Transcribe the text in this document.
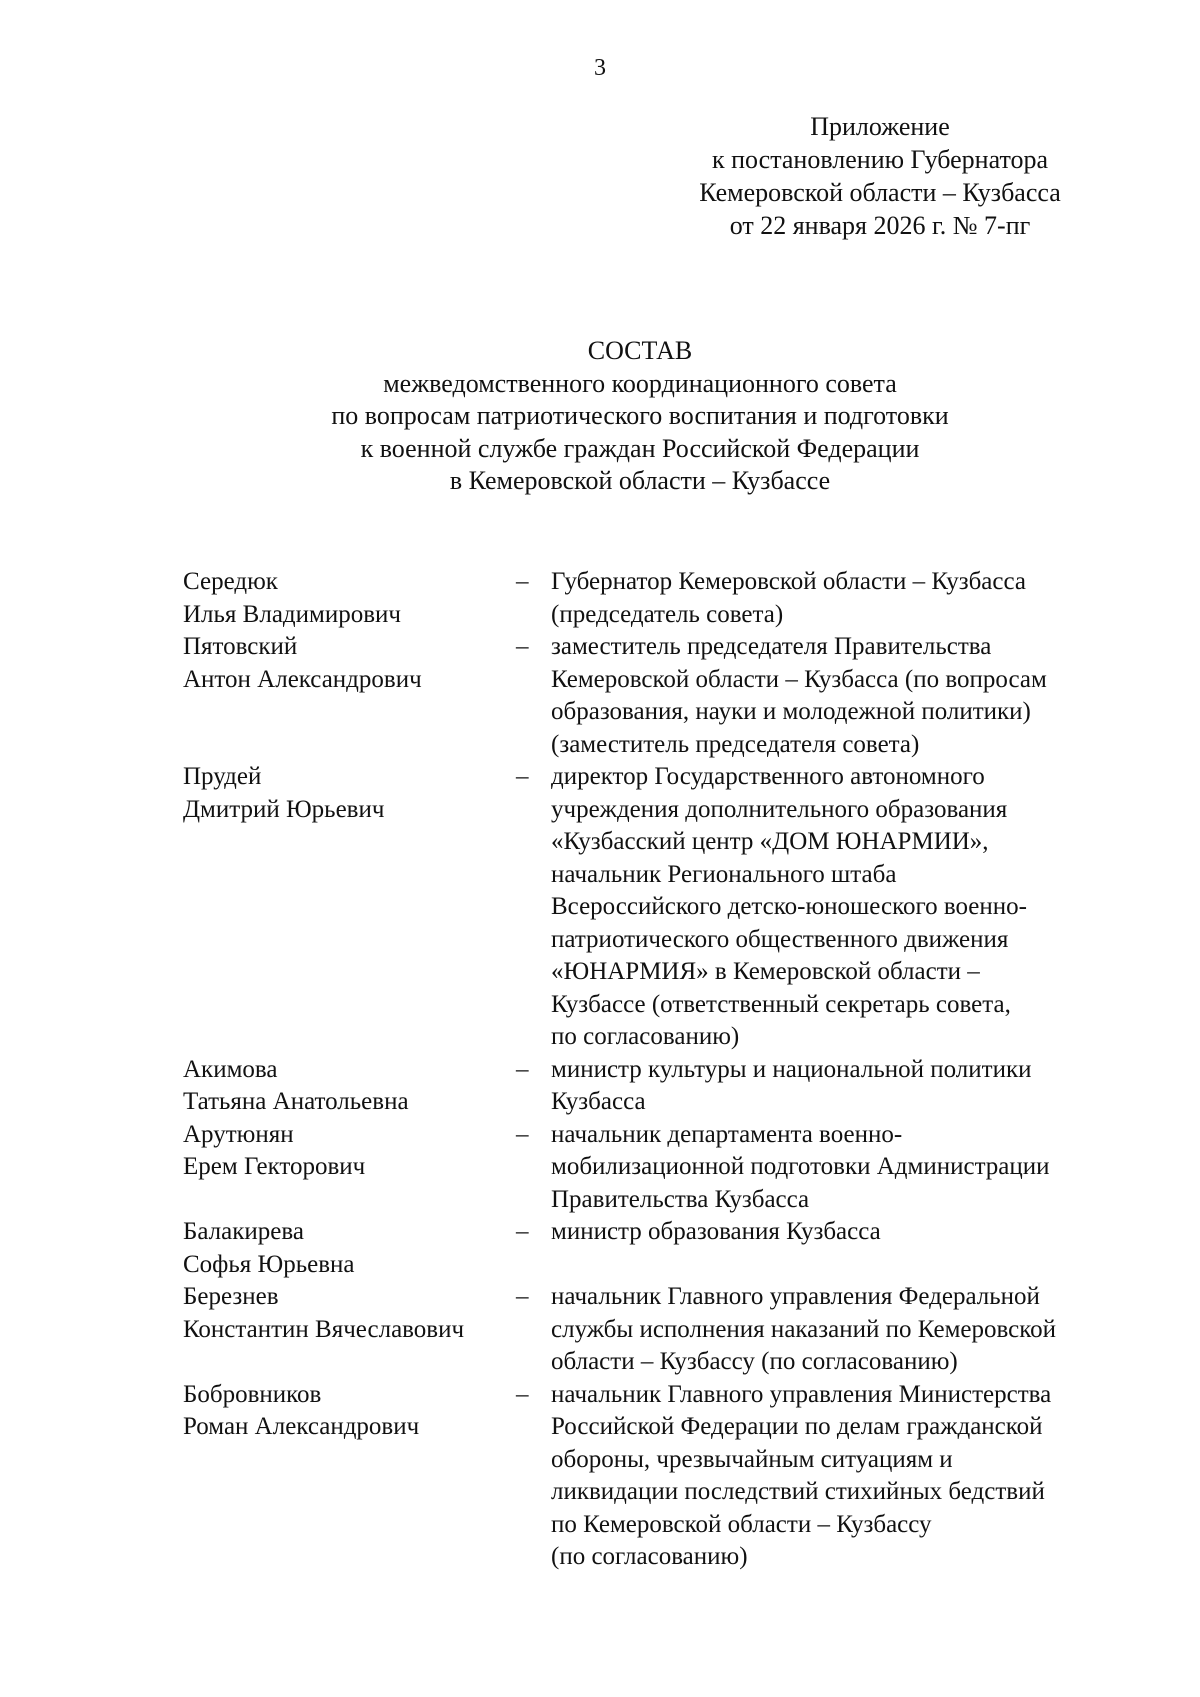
3
Приложение
к постановлению Губернатора
Кемеровской области – Кузбасса
от 22 января 2026 г. № 7-пг
СОСТАВ
межведомственного координационного совета
по вопросам патриотического воспитания и подготовки
к военной службе граждан Российской Федерации
в Кемеровской области – Кузбассе
Середюк
Илья Владимирович
– Губернатор Кемеровской области – Кузбасса
(председатель совета)
Пятовский
Антон Александрович
– заместитель председателя Правительства
Кемеровской области – Кузбасса (по вопросам
образования, науки и молодежной политики)
(заместитель председателя совета)
Прудей
Дмитрий Юрьевич
– директор Государственного автономного
учреждения дополнительного образования
«Кузбасский центр «ДОМ ЮНАРМИИ»,
начальник Регионального штаба
Всероссийского детско-юношеского военно-
патриотического общественного движения
«ЮНАРМИЯ» в Кемеровской области –
Кузбассе (ответственный секретарь совета,
по согласованию)
Акимова
Татьяна Анатольевна
– министр культуры и национальной политики
Кузбасса
Арутюнян
Ерем Гекторович
– начальник департамента военно-
мобилизационной подготовки Администрации
Правительства Кузбасса
Балакирева
Софья Юрьевна
– министр образования Кузбасса
Березнев
Константин Вячеславович
– начальник Главного управления Федеральной
службы исполнения наказаний по Кемеровской
области – Кузбассу (по согласованию)
Бобровников
Роман Александрович
– начальник Главного управления Министерства
Российской Федерации по делам гражданской
обороны, чрезвычайным ситуациям и
ликвидации последствий стихийных бедствий
по Кемеровской области – Кузбассу
(по согласованию)
